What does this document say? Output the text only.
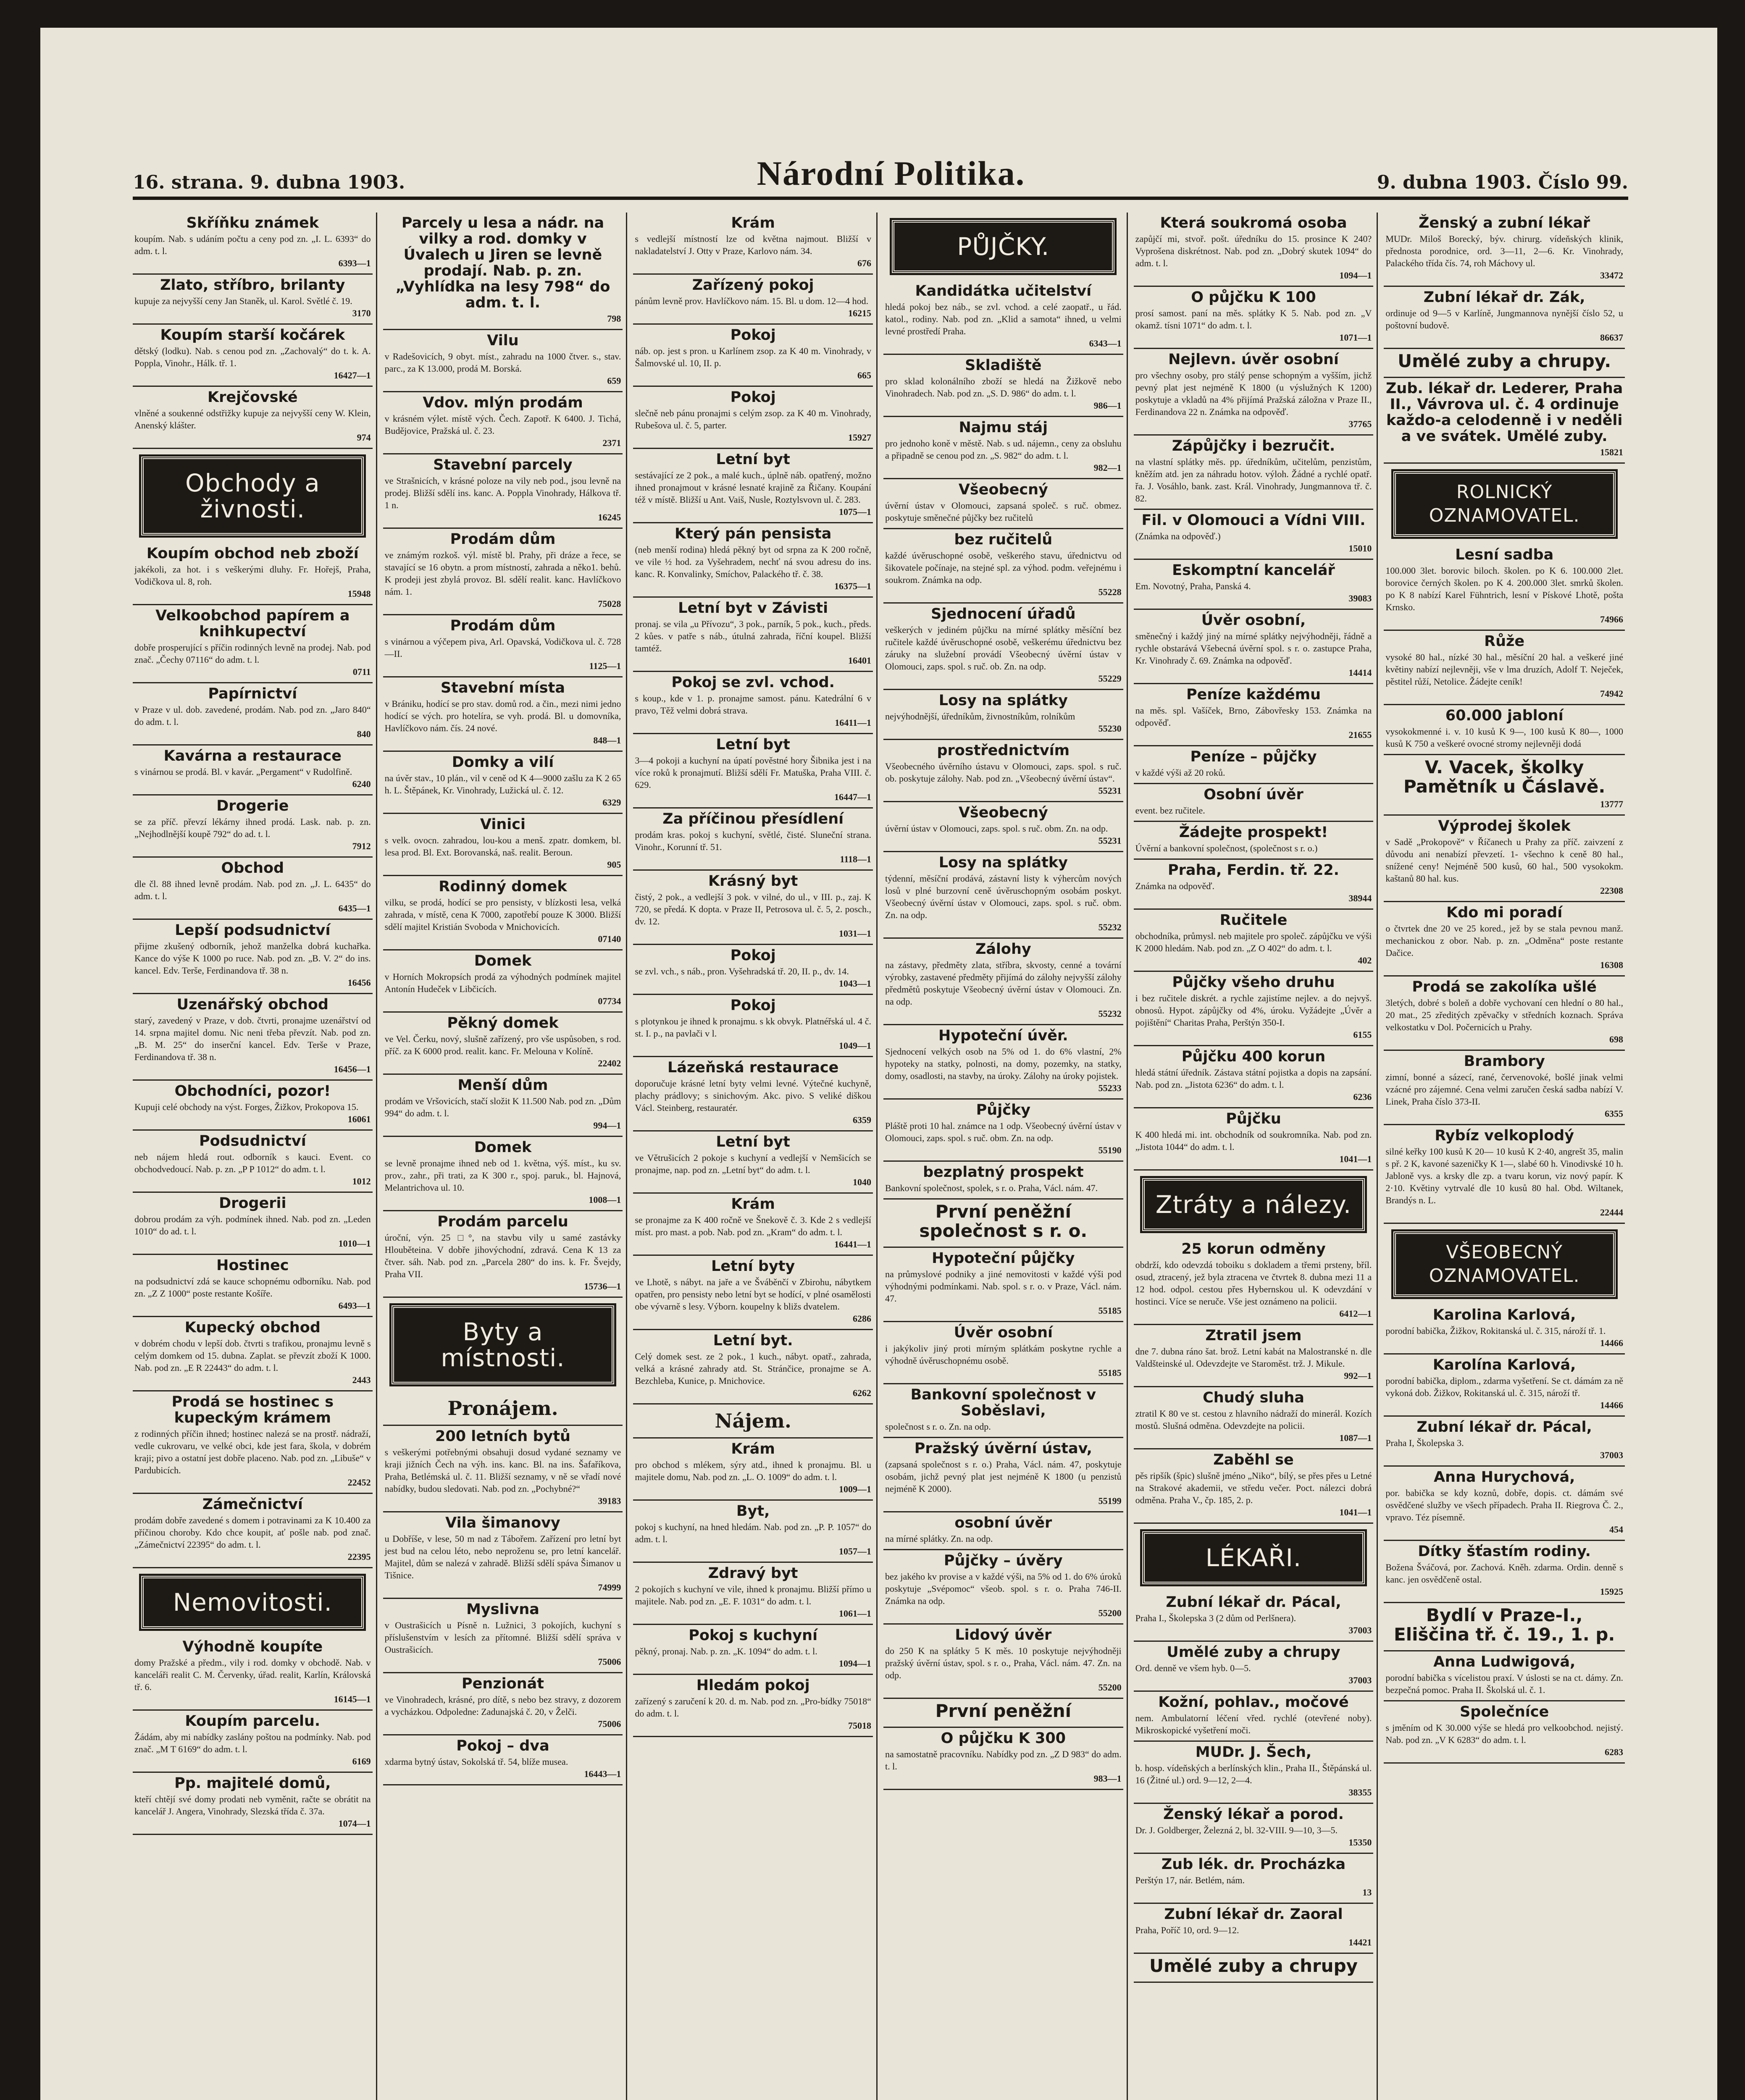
16. strana. 9. dubna 1903.	Národní Politika.	9. dubna 1903. Číslo 99.
Skříňku známek
koupím. Nab. s udáním počtu a ceny pod zn. „I. L. 6393“ do adm. t. l.
6393—1
Zlato, stříbro, brilanty
kupuje za nejvyšší ceny Jan Staněk, ul. Karol. Světlé č. 19.
3170
Koupím starší kočárek
dětský (lodku). Nab. s cenou pod zn. „Zachovalý“ do t. k. A. Poppla, Vinohr., Hálk. tř. 1.
16427—1
Krejčovské
vlněné a soukenné odstřižky kupuje za nejvyšší ceny W. Klein, Anenský klášter.
974
Obchody a živnosti.
Koupím obchod neb zboží
jakékoli, za hot. i s veškerými dluhy. Fr. Hořejš, Praha, Vodičkova ul. 8, roh.
15948
Velkoobchod papírem a knihkupectví
dobře prosperující s příčin rodinných levně na prodej. Nab. pod znač. „Čechy 07116“ do adm. t. l.
0711
Papírnictví
v Praze v ul. dob. zavedené, prodám. Nab. pod zn. „Jaro 840“ do adm. t. l.
840
Kavárna a restaurace
s vinárnou se prodá. Bl. v kavár. „Pergament“ v Rudolfině.
6240
Drogerie
se za příč. převzí lékárny ihned prodá. Lask. nab. p. zn. „Nejhodlnější koupě 792“ do ad. t. l.
7912
Obchod
dle čl. 88 ihned levně prodám. Nab. pod zn. „J. L. 6435“ do adm. t. l.
6435—1
Lepší podsudnictví
přijme zkušený odborník, jehož manželka dobrá kuchařka. Kance do výše K 1000 po ruce. Nab. pod zn. „B. V. 2“ do ins. kancel. Edv. Terše, Ferdinandova tř. 38 n.
16456
Uzenářský obchod
starý, zavedený v Praze, v dob. čtvrti, pronajme uzenářství od 14. srpna majitel domu. Nic neni třeba převzít. Nab. pod zn. „B. M. 25“ do inserční kancel. Edv. Terše v Praze, Ferdinandova tř. 38 n.
16456—1
Obchodníci, pozor!
Kupuji celé obchody na výst. Forges, Žižkov, Prokopova 15.
16061
Podsudnictví
neb nájem hledá rout. odborník s kauci. Event. co obchodvedoucí. Nab. p. zn. „P P 1012“ do adm. t. l.
1012
Drogerii
dobrou prodám za výh. podmínek ihned. Nab. pod zn. „Leden 1010“ do ad. t. l.
1010—1
Hostinec
na podsudnictví zdá se kauce schopnému odborníku. Nab. pod zn. „Z Z 1000“ poste restante Košíře.
6493—1
Kupecký obchod
v dobrém chodu v lepší dob. čtvrti s trafikou, pronajmu levně s celým domkem od 15. dubna. Zaplat. se převzít zboží K 1000. Nab. pod zn. „E R 22443“ do adm. t. l.
2443
Prodá se hostinec s kupeckým krámem
z rodinných příčin ihned; hostinec nalezá se na prostř. nádraží, vedle cukrovaru, ve velké obci, kde jest fara, škola, v dobrém kraji; pivo a ostatní jest dobře placeno. Nab. pod zn. „Libuše“ v Pardubicích.
22452
Zámečnictví
prodám dobře zavedené s domem i potravinami za K 10.400 za příčinou choroby. Kdo chce koupit, ať pošle nab. pod znač. „Zámečnictví 22395“ do adm. t. l.
22395
Nemovitosti.
Výhodně koupíte
domy Pražské a předm., vily i rod. domky v obchodě. Nab. v kanceláři realit C. M. Červenky, úřad. realit, Karlín, Královská tř. 6.
16145—1
Koupím parcelu.
Žádám, aby mi nabídky zaslány poštou na podmínky. Nab. pod znač. „M T 6169“ do adm. t. l.
6169
Pp. majitelé domů,
kteří chtějí své domy prodati neb vyměnit, račte se obrátit na kancelář J. Angera, Vinohrady, Slezská třída č. 37a.
1074—1
Parcely u lesa a nádr. na vilky a rod. domky v Úvalech u Jiren se levně prodají. Nab. p. zn. „Vyhlídka na lesy 798“ do adm. t. l.
798
Vilu
v Radešovicích, 9 obyt. míst., zahradu na 1000 čtver. s., stav. parc., za K 13.000, prodá M. Borská.
659
Vdov. mlýn prodám
v krásném výlet. místě vých. Čech. Zapotř. K 6400. J. Tichá, Budějovice, Pražská ul. č. 23.
2371
Stavební parcely
ve Strašnicích, v krásné poloze na vily neb pod., jsou levně na prodej. Bližší sdělí ins. kanc. A. Poppla Vinohrady, Hálkova tř. 1 n.
16245
Prodám dům
ve známým rozkoš. výl. místě bl. Prahy, při dráze a řece, se stavající se 16 obytn. a prom místností, zahrada a něko1. behů. K prodeji jest zbylá provoz. Bl. sdělí realit. kanc. Havlíčkovo nám. 1.
75028
Prodám dům
s vinárnou a výčepem piva, Arl. Opavská, Vodičkova ul. č. 728—II.
1125—1
Stavební místa
v Brániku, hodící se pro stav. domů rod. a čin., mezi nimi jedno hodící se vých. pro hotelíra, se vyh. prodá. Bl. u domovníka, Havlíčkovo nám. čís. 24 nové.
848—1
Domky a vilí
na úvěr stav., 10 plán., vil v ceně od K 4—9000 zašlu za K 2 65 h. L. Štěpánek, Kr. Vinohrady, Lužická ul. č. 12.
6329
Vinici
s velk. ovocn. zahradou, lou-kou a menš. zpatr. domkem, bl. lesa prod. Bl. Ext. Borovanská, naš. realit. Beroun.
905
Rodinný domek
vilku, se prodá, hodící se pro pensisty, v blízkosti lesa, velká zahrada, v místě, cena K 7000, zapotřebí pouze K 3000. Bližší sdělí majitel Kristián Svoboda v Mnichovicích.
07140
Domek
v Horních Mokropsích prodá za výhodných podmínek majitel Antonín Hudeček v Libčicích.
07734
Pěkný domek
ve Vel. Čerku, nový, slušně zařízený, pro vše uspůsoben, s rod. příč. za K 6000 prod. realit. kanc. Fr. Melouna v Kolíně.
22402
Menší dům
prodám ve Vršovicích, stačí složit K 11.500 Nab. pod zn. „Dům 994“ do adm. t. l.
994—1
Domek
se levně pronajme ihned neb od 1. května, výš. míst., ku sv. prov., zahr., při trati, za K 300 r., spoj. paruk., bl. Hajnová, Melantrichova ul. 10.
1008—1
Prodám parcelu
úroční, výn. 25 □°, na stavbu vily u samé zastávky Hlouběteina. V dobře jihovýchodní, zdravá. Cena K 13 za čtver. sáh. Nab. pod zn. „Parcela 280“ do ins. k. Fr. Švejdy, Praha VII.
15736—1
Byty a místnosti.
Pronájem.
200 letních bytů
s veškerými potřebnými obsahuji dosud vydané seznamy ve kraji jižních Čech na výh. ins. kanc. Bl. na ins. Šafaříkova, Praha, Betlémská ul. č. 11. Bližší seznamy, v ně se vřadí nové nabídky, budou sledovati. Nab. pod zn. „Pochybné?“
39183
Vila šimanovy
u Dobříše, v lese, 50 m nad z Tábořem. Zařízení pro letní byt jest bud na celou léto, nebo neproženu se, pro letní kancelář. Majitel, dům se nalezá v zahradě. Bližší sdělí spáva Šimanov u Tišnice.
74999
Myslivna
v Oustrašicích u Písně n. Lužnici, 3 pokojích, kuchyní s příslušenstvím v lesích za přítomné. Bližší sdělí správa v Oustrašicích.
75006
Penzionát
ve Vinohradech, krásné, pro dítě, s nebo bez stravy, z dozorem a vycházkou. Odpoledne: Zadunajská č. 20, v Želči.
75006
Pokoj – dva
xdarma bytný ústav, Sokolská tř. 54, blíže musea.
16443—1
Krám
s vedlejší místností lze od května najmout. Bližší v nakladatelství J. Otty v Praze, Karlovo nám. 34.
676
Zařízený pokoj
pánům levně prov. Havlíčkovo nám. 15. Bl. u dom. 12—4 hod.
16215
Pokoj
náb. op. jest s pron. u Karlínem zsop. za K 40 m. Vinohrady, v Šalmovské ul. 10, II. p.
665
Pokoj
slečně neb pánu pronajmi s celým zsop. za K 40 m. Vinohrady, Rubešova ul. č. 5, parter.
15927
Letní byt
sestávající ze 2 pok., a malé kuch., úplně náb. opatřený, možno ihned pronajmout v krásné lesnaté krajině za Řičany. Koupání též v místě. Bližší u Ant. Vaiš, Nusle, Roztylsvovn ul. č. 283.
1075—1
Který pán pensista
(neb menší rodina) hledá pěkný byt od srpna za K 200 ročně, ve vile ½ hod. za Vyšehradem, nechť ná svou adresu do ins. kanc. R. Konvalinky, Smíchov, Palackého tř. č. 38.
16375—1
Letní byt v Závisti
pronaj. se vila „u Přívozu“, 3 pok., parník, 5 pok., kuch., předs. 2 kůes. v patře s náb., útulná zahrada, říční koupel. Bližší tamtéž.
16401
Pokoj se zvl. vchod.
s koup., kde v 1. p. pronajme samost. pánu. Katedrální 6 v pravo, Těž velmi dobrá strava.
16411—1
Letní byt
3—4 pokoji a kuchyní na úpatí pověstné hory Šibnika jest i na více roků k pronajmutí. Bližší sdělí Fr. Matuška, Praha VIII. č. 629.
16447—1
Za příčinou přesídlení
prodám kras. pokoj s kuchyní, světlé, čisté. Sluneční strana. Vinohr., Korunní tř. 51.
1118—1
Krásný byt
čistý, 2 pok., a vedlejší 3 pok. v vilné, do ul., v III. p., zaj. K 720, se předá. K dopta. v Praze II, Petrosova ul. č. 5, 2. posch., dv. 12.
1031—1
Pokoj
se zvl. vch., s náb., pron. Vyšehradská tř. 20, II. p., dv. 14.
1043—1
Pokoj
s plotynkou je ihned k pronajmu. s kk obvyk. Platnéřská ul. 4 č. st. I. p., na pavlači v l.
1049—1
Lázeňská restaurace
doporučuje krásné letní byty velmi levné. Výtečné kuchyně, plachy prádlovy; s sinichovým. Akc. pivo. S veliké diškou Václ. Steinberg, restauratér.
6359
Letní byt
ve Větrušicích 2 pokoje s kuchyní a vedlejší v Nemšicích se pronajme, nap. pod zn. „Letní byt“ do adm. t. l.
1040
Krám
se pronajme za K 400 ročně ve Šnekově č. 3. Kde 2 s vedlejší míst. pro mast. a pob. Nab. pod zn. „Kram“ do adm. t. l.
16441—1
Letní byty
ve Lhotě, s nábyt. na jaře a ve Šváběnčí v Zbirohu, nábytkem opatřen, pro pensisty nebo letní byt se hodící, v plné osamělosti obe vývarně s lesy. Výborn. koupelny k bližs dvatelem.
6286
Letní byt.
Celý domek sest. ze 2 pok., 1 kuch., nábyt. opatř., zahrada, velká a krásné zahrady atd. St. Stránčice, pronajme se A. Bezchleba, Kunice, p. Mnichovice.
6262
Nájem.
Krám
pro obchod s mlékem, sýry atd., ihned k pronajmu. Bl. u majitele domu, Nab. pod zn. „L. O. 1009“ do adm. t. l.
1009—1
Byt,
pokoj s kuchyní, na hned hledám. Nab. pod zn. „P. P. 1057“ do adm. t. l.
1057—1
Zdravý byt
2 pokojích s kuchyní ve vile, ihned k pronajmu. Bližší přímo u majitele. Nab. pod zn. „E. F. 1031“ do adm. t. l.
1061—1
Pokoj s kuchyní
pěkný, pronaj. Nab. p. zn. „K. 1094“ do adm. t. l.
1094—1
Hledám pokoj
zařízený s zaručení k 20. d. m. Nab. pod zn. „Pro-bídky 75018“ do adm. t. l.
75018
PŮJČKY.
Kandidátka učitelství
hledá pokoj bez náb., se zvl. vchod. a celé zaopatř., u řád. katol., rodiny. Nab. pod zn. „Klid a samota“ ihned, u velmi levné prostředí Praha.
6343—1
Skladiště
pro sklad kolonálního zboží se hledá na Žižkově nebo Vinohradech. Nab. pod zn. „S. D. 986“ do adm. t. l.
986—1
Najmu stáj
pro jednoho koně v městě. Nab. s ud. nájemn., ceny za obsluhu a připadně se cenou pod zn. „S. 982“ do adm. t. l.
982—1
Všeobecný
úvěrní ústav v Olomouci, zapsaná společ. s ruč. obmez. poskytuje směnečné půjčky bez ručitelů
bez ručitelů
každé úvěruschopné osobě, veškerého stavu, úřednictvu od šikovatele počínaje, na stejné spl. za výhod. podm. veřejnému i soukrom. Známka na odp.
55228
Sjednocení úřadů
veškerých v jediném půjčku na mírné splátky měsíční bez ručitele každé úvěruschopné osobě, veškerému úřednictvu bez záruky na služební provádí Všeobecný úvěrní ústav v Olomouci, zaps. spol. s ruč. ob. Zn. na odp.
55229
Losy na splátky
nejvýhodnější, úředníkům, živnostníkům, rolníkům
55230
prostřednictvím
Všeobecného úvěrního ústavu v Olomouci, zaps. spol. s ruč. ob. poskytuje zálohy. Nab. pod zn. „Všeobecný úvěrní ústav“.
55231
Všeobecný
úvěrní ústav v Olomouci, zaps. spol. s ruč. obm. Zn. na odp.
55231
Losy na splátky
týdenní, měsíční prodává, zástavní listy k výhercům nových losů v plné burzovní ceně úvěruschopným osobám poskyt. Všeobecný úvěrní ústav v Olomouci, zaps. spol. s ruč. obm. Zn. na odp.
55232
Zálohy
na zástavy, předměty zlata, stříbra, skvosty, cenné a tovární výrobky, zastavené předměty přijímá do zálohy nejvyšší zálohy předmětů poskytuje Všeobecný úvěrní ústav v Olomouci. Zn. na odp.
55232
Hypoteční úvěr.
Sjednocení velkých osob na 5% od 1. do 6% vlastní, 2% hypoteky na statky, polnosti, na domy, pozemky, na statky, domy, osadlosti, na stavby, na úroky. Zálohy na úroky pojistek.
55233
Půjčky
Pláště proti 10 hal. známce na 1 odp. Všeobecný úvěrní ústav v Olomouci, zaps. spol. s ruč. obm. Zn. na odp.
55190
bezplatný prospekt
Bankovní společnost, spolek, s r. o. Praha, Václ. nám. 47.
První peněžní společnost s r. o.
Hypoteční půjčky
na průmyslové podniky a jiné nemovitosti v každé výši pod výhodnými podmínkami. Nab. spol. s r. o. v Praze, Václ. nám. 47.
55185
Úvěr osobní
i jakýkoliv jiný proti mírným splátkám poskytne rychle a výhodně úvěruschopnému osobě.
55185
Bankovní společnost v Soběslavi,
společnost s r. o. Zn. na odp.
Pražský úvěrní ústav,
(zapsaná společnost s r. o.) Praha, Václ. nám. 47, poskytuje osobám, jichž pevný plat jest nejméně K 1800 (u penzistů nejméně K 2000).
55199
osobní úvěr
na mírné splátky. Zn. na odp.
Půjčky – úvěry
bez jakého kv provise a v každé výši, na 5% od 1. do 6% úroků poskytuje „Svépomoc“ všeob. spol. s r. o. Praha 746-II. Známka na odp.
55200
Lidový úvěr
do 250 K na splátky 5 K měs. 10 poskytuje nejvýhodněji pražský úvěrní ústav, spol. s r. o., Praha, Václ. nám. 47. Zn. na odp.
55200
První peněžní
O půjčku K 300
na samostatně pracovníku. Nabídky pod zn. „Z D 983“ do adm. t. l.
983—1
Která soukromá osoba
zapůjčí mi, stvoř. pošt. úředníku do 15. prosince K 240? Vyprošena diskrétnost. Nab. pod zn. „Dobrý skutek 1094“ do adm. t. l.
1094—1
O půjčku K 100
prosí samost. paní na měs. splátky K 5. Nab. pod zn. „V okamž. tísni 1071“ do adm. t. l.
1071—1
Nejlevn. úvěr osobní
pro všechny osoby, pro stálý pense schopným a vyšším, jichž pevný plat jest nejméně K 1800 (u výslužných K 1200) poskytuje a vkladů na 4% přijímá Pražská záložna v Praze II., Ferdinandova 22 n. Známka na odpověď.
37765
Zápůjčky i bezručit.
na vlastní splátky měs. pp. úředníkům, učitelům, penzistům, kněžím atd. jen za náhradu hotov. výloh. Žádné a rychlé opatř. řa. J. Vosáhlo, bank. zast. Král. Vinohrady, Jungmannova tř. č. 82.
Fil. v Olomouci a Vídni VIII.
(Známka na odpověď.)
15010
Eskomptní kancelář
Em. Novotný, Praha, Panská 4.
39083
Úvěr osobní,
směnečný i každý jiný na mírné splátky nejvýhodněji, řádně a rychle obstarává Všebecná úvěrní spol. s r. o. zastupce Praha, Kr. Vinohrady č. 69. Známka na odpověď.
14414
Peníze každému
na měs. spl. Vašíček, Brno, Zábovřesky 153. Známka na odpověď.
21655
Peníze – půjčky
v každé výši až 20 roků.
Osobní úvěr
event. bez ručitele.
Žádejte prospekt!
Úvěrní a bankovní společnost, (společnost s r. o.)
Praha, Ferdin. tř. 22.
Známka na odpověď.
38944
Ručitele
obchodníka, průmysl. neb majitele pro společ. zápůjčku ve výši K 2000 hledám. Nab. pod zn. „Z O 402“ do adm. t. l.
402
Půjčky všeho druhu
i bez ručitele diskrét. a rychle zajistíme nejlev. a do nejvyš. obnosů. Hypot. zápůjčky od 4%, úroku. Vyžádejte „Úvěr a pojištění“ Charitas Praha, Perštýn 350-I.
6155
Půjčku 400 korun
hledá státní úředník. Zástava státní pojistka a dopis na zapsání. Nab. pod zn. „Jistota 6236“ do adm. t. l.
6236
Půjčku
K 400 hledá mi. int. obchodník od soukromníka. Nab. pod zn. „Jistota 1044“ do adm. t. l.
1041—1
Ztráty a nálezy.
25 korun odměny
obdrží, kdo odevzdá toboiku s dokladem a třemi prsteny, bříl. osud, ztracený, jež byla ztracena ve čtvrtek 8. dubna mezi 11 a 12 hod. odpol. cestou přes Hybernskou ul. K odevzdání v hostinci. Více se neruče. Vše jest oznámeno na policii.
6412—1
Ztratil jsem
dne 7. dubna ráno šat. brož. Letní kabát na Malostranské n. dle Valdšteinské ul. Odevzdejte ve Staroměst. trž. J. Mikule.
992—1
Chudý sluha
ztratil K 80 ve st. cestou z hlavního nádraží do minerál. Kozích mostů. Slušná odměna. Odevzdejte na policii.
1087—1
Zaběhl se
pěs ripšík (špic) slušně jméno „Niko“, bílý, se přes přes u Letné na Strakové akademii, ve středu večer. Poct. nálezci dobrá odměna. Praha V., čp. 185, 2. p.
1041—1
LÉKAŘI.
Zubní lékař dr. Pácal,
Praha I., Školepska 3 (2 dům od Perlšnera).
37003
Umělé zuby a chrupy
Ord. denně ve všem hyb. 0—5.
37003
Kožní, pohlav., močové
nem. Ambulatorní léčení vřed. rychlé (otevřené noby). Mikroskopické vyšetření moči.
MUDr. J. Šech,
b. hosp. vídeňských a berlínských klin., Praha II., Štěpánská ul. 16 (Žitné ul.) ord. 9—12, 2—4.
38355
Ženský lékař a porod.
Dr. J. Goldberger, Železná 2, bl. 32-VIII. 9—10, 3—5.
15350
Zub lék. dr. Procházka
Perštýn 17, nár. Betlém, nám.
13
Zubní lékař dr. Zaoral
Praha, Poříč 10, ord. 9—12.
14421
Umělé zuby a chrupy
Ženský a zubní lékař
MUDr. Miloš Borecký, býv. chirurg. vídeňských klinik, přednosta porodnice, ord. 3—11, 2—6. Kr. Vinohrady, Palackého třída čís. 74, roh Máchovy ul.
33472
Zubní lékař dr. Zák,
ordinuje od 9—5 v Karlíně, Jungmannova nynější číslo 52, u poštovní budově.
86637
Umělé zuby a chrupy.
Zub. lékař dr. Lederer, Praha II., Vávrova ul. č. 4 ordinuje každo-a celodenně i v neděli a ve svátek. Umělé zuby.
15821
ROLNICKÝ OZNAMOVATEL.
Lesní sadba
100.000 3let. borovic biloch. školen. po K 6. 100.000 2let. borovice černých školen. po K 4. 200.000 3let. smrků školen. po K 8 nabízí Karel Fühntrich, lesní v Pískové Lhotě, pošta Krnsko.
74966
Růže
vysoké 80 hal., nízké 30 hal., měsíční 20 hal. a veškeré jiné květiny nabízí nejlevněji, vše v lma druzích, Adolf T. Neječek, pěstitel růží, Netolice. Žádejte ceník!
74942
60.000 jabloní
vysokokmenné i. v. 10 kusů K 9—, 100 kusů K 80—, 1000 kusů K 750 a veškeré ovocné stromy nejlevněji dodá
V. Vacek, školky Pamětník u Čáslavě.
13777
Výprodej školek
v Sadě „Prokopově“ v Říčanech u Prahy za příč. zaivzení z důvodu ani nenabízí převzetí. 1- všechno k ceně 80 hal., snížené ceny! Nejméně 500 kusů, 60 hal., 500 vysokokm. kaštanů 80 hal. kus.
22308
Kdo mi poradí
o čtvrtek dne 20 ve 25 kored., jež by se stala pevnou manž. mechanickou z obor. Nab. p. zn. „Odměna“ poste restante Dačice.
16308
Prodá se zakolíka ušlé
3letých, dobré s boleň a dobře vychovaní cen hlední o 80 hal., 20 mat., 25 zředitých zpěvačky v středních koznach. Správa velkostatku v Dol. Počernicích u Prahy.
698
Brambory
zimní, bonné a sázecí, rané, červenovoké, bošlé jinak velmi vzácné pro zájemné. Cena velmi zaručen česká sadba nabízí V. Linek, Praha číslo 373-II.
6355
Rybíz velkoplodý
silné keřky 100 kusů K 20— 10 kusů K 2·40, angrešt 35, malin s př. 2 K, kavoné sazeničky K 1—, slabé 60 h. Vinodivské 10 h. Jabloně vys. a krsky dle zp. a tvaru korun, viz nový papír. K 2·10. Květiny vytrvalé dle 10 kusů 80 hal. Obd. Wiltanek, Brandýs n. L.
22444
VŠEOBECNÝ OZNAMOVATEL.
Karolina Karlová,
porodní babička, Žižkov, Rokitanská ul. č. 315, nároží tř. 1.
14466
Karolína Karlová,
porodní babička, diplom., zdarma vyšetření. Se ct. dámám za ně vykoná dob. Žižkov, Rokitanská ul. č. 315, nároží tř.
14466
Zubní lékař dr. Pácal,
Praha I, Školepska 3.
37003
Anna Hurychová,
por. babička se kdy koznů, dobře, dopis. ct. dámám své osvědčené služby ve všech případech. Praha II. Riegrova Č. 2., vpravo. Téz písemně.
454
Dítky šťastím rodiny.
Božena Šváčová, por. Zachová. Kněh. zdarma. Ordin. denně s kanc. jen osvědčeně ostal.
15925
Bydlí v Praze-I., Eliščina tř. č. 19., 1. p.
Anna Ludwigová,
porodní babička s vícelistou praxí. V úslosti se na ct. dámy. Zn. bezpečná pomoc. Praha II. Školská ul. č. 1.
Společníce
s jměním od K 30.000 výše se hledá pro velkoobchod. nejistý. Nab. pod zn. „V K 6283“ do adm. t. l.
6283
